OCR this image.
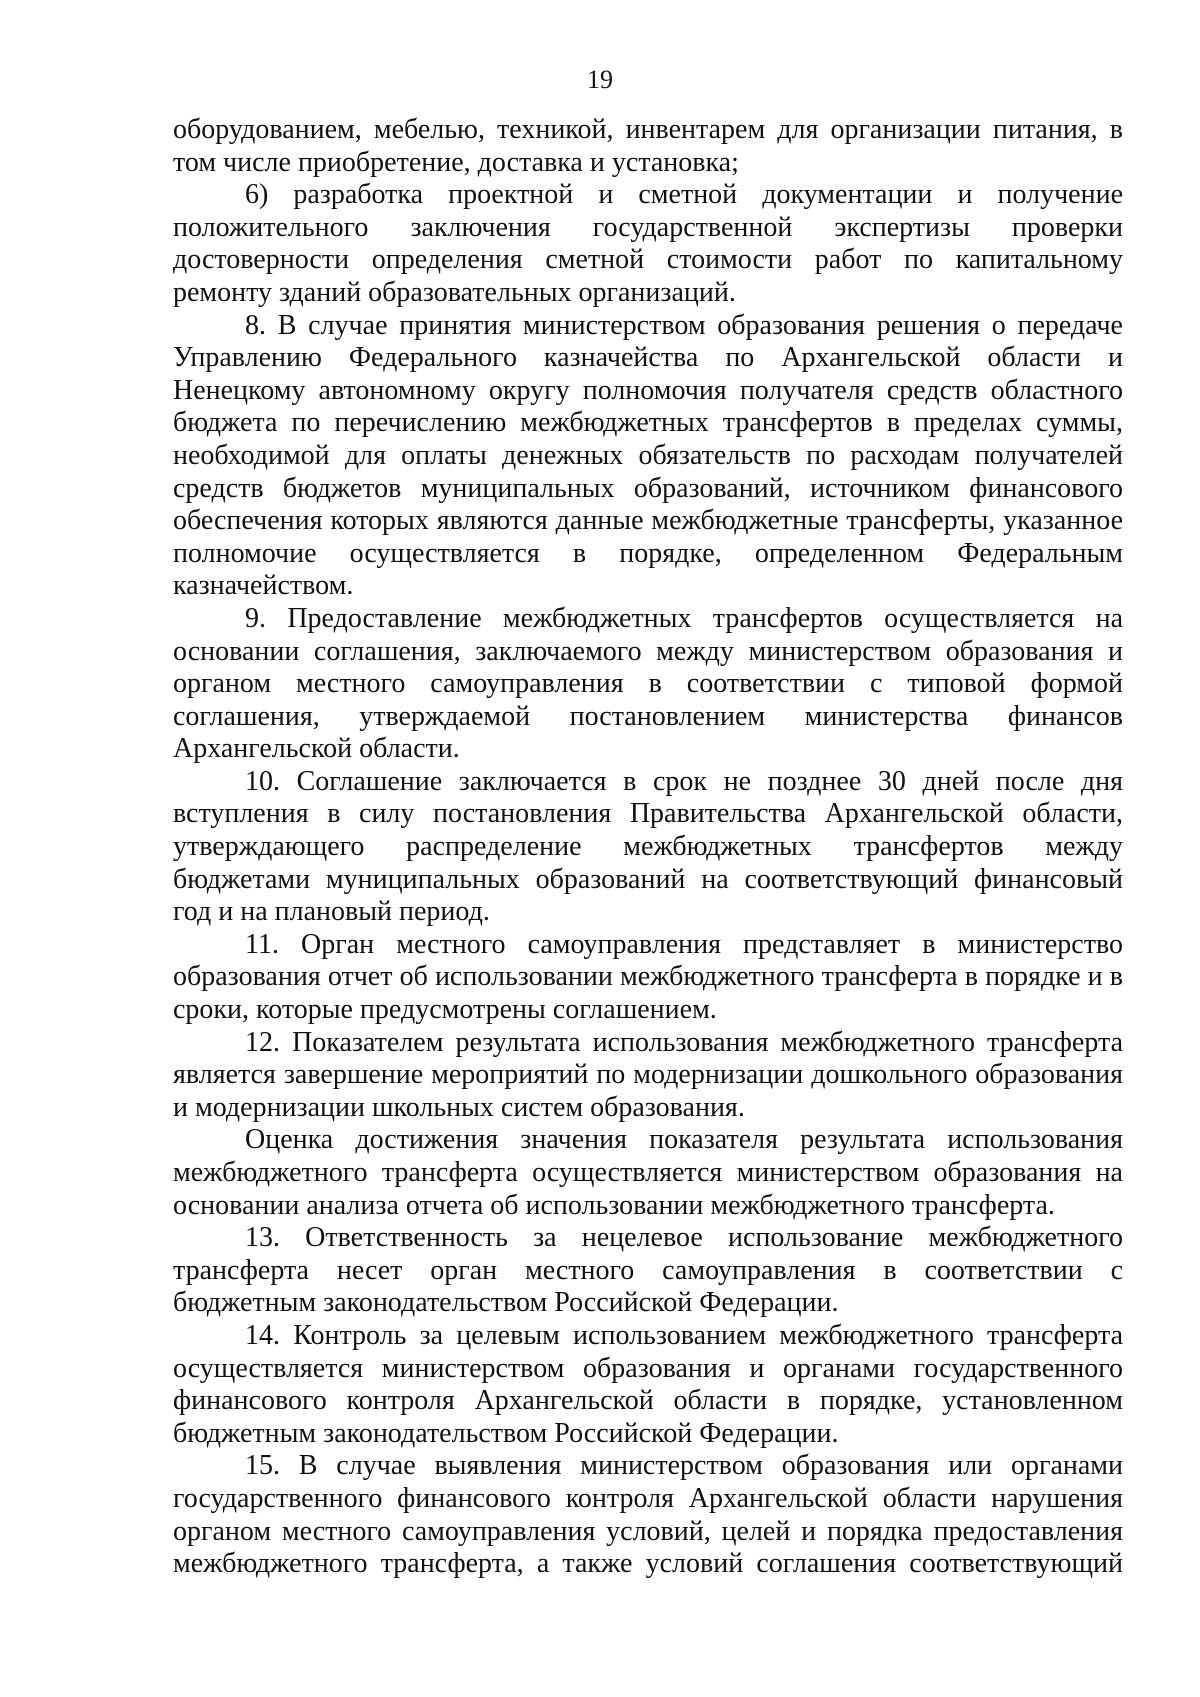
19

оборудованием, мебелью, техникой, инвентарем для организации питания, в том числе приобретение, доставка и установка;

6) разработка проектной и сметной документации и получение положительного заключения государственной экспертизы проверки достоверности определения сметной стоимости работ по капитальному ремонту зданий образовательных организаций.

8. В случае принятия министерством образования решения о передаче Управлению Федерального казначейства по Архангельской области и Ненецкому автономному округу полномочия получателя средств областного бюджета по перечислению межбюджетных трансфертов в пределах суммы, необходимой для оплаты денежных обязательств по расходам получателей средств бюджетов муниципальных образований, источником финансового обеспечения которых являются данные межбюджетные трансферты, указанное полномочие осуществляется в порядке, определенном Федеральным казначейством.

9. Предоставление межбюджетных трансфертов осуществляется на основании соглашения, заключаемого между министерством образования и органом местного самоуправления в соответствии с типовой формой соглашения, утверждаемой постановлением министерства финансов Архангельской области.

10. Соглашение заключается в срок не позднее 30 дней после дня вступления в силу постановления Правительства Архангельской области, утверждающего распределение межбюджетных трансфертов между бюджетами муниципальных образований на соответствующий финансовый год и на плановый период.

11. Орган местного самоуправления представляет в министерство образования отчет об использовании межбюджетного трансферта в порядке и в сроки, которые предусмотрены соглашением.

12. Показателем результата использования межбюджетного трансферта является завершение мероприятий по модернизации дошкольного образования и модернизации школьных систем образования.

Оценка достижения значения показателя результата использования межбюджетного трансферта осуществляется министерством образования на основании анализа отчета об использовании межбюджетного трансферта.

13. Ответственность за нецелевое использование межбюджетного трансферта несет орган местного самоуправления в соответствии с бюджетным законодательством Российской Федерации.

14. Контроль за целевым использованием межбюджетного трансферта осуществляется министерством образования и органами государственного финансового контроля Архангельской области в порядке, установленном бюджетным законодательством Российской Федерации.

15. В случае выявления министерством образования или органами государственного финансового контроля Архангельской области нарушения органом местного самоуправления условий, целей и порядка предоставления межбюджетного трансферта, а также условий соглашения соответствующий
